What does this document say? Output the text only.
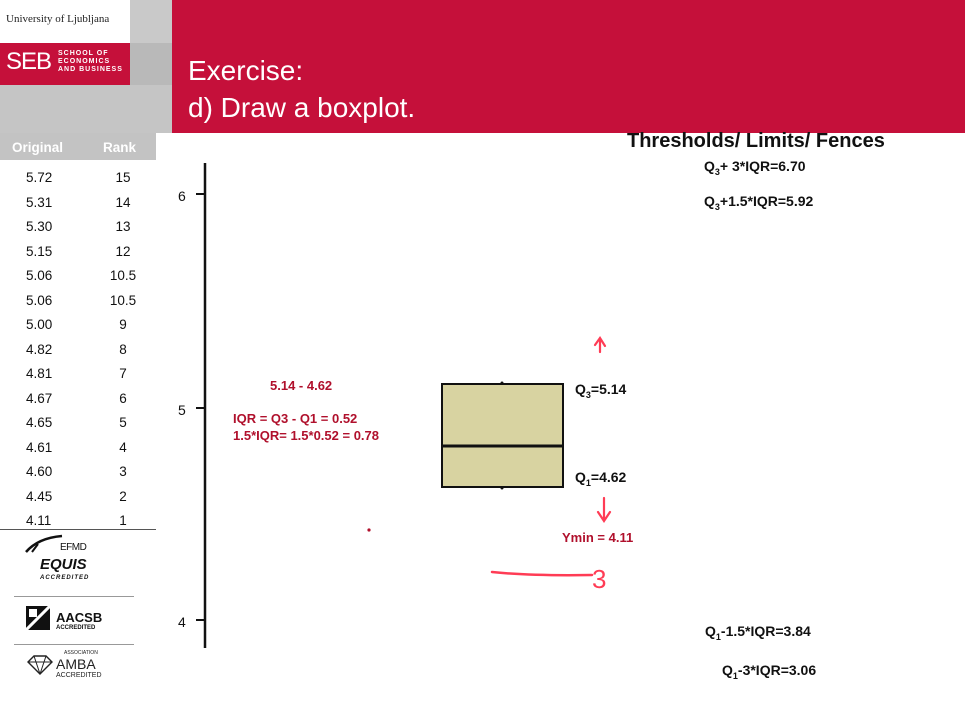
University of Ljubljana
SEB SCHOOL OF
ECONOMICS
AND BUSINESS Exercise:
d) Draw a boxplot.
Original	Rank
5.72	15
5.31	14
5.30	13
5.15	12
5.06	10.5
5.06	10.5
5.00	9
4.82	8
4.81	7
4.67	6
4.65	5
4.61	4
4.60	3
4.45	2
4.11	1
EFMD
EQUIS
ACCREDITED
AACSB
ACCREDITED
ASSOCIATION
AMBA
ACCREDITED
6
5
4
3
$Q_3=5.14$
$Q_1=4.62$
Ymin = 4.11
5.14 - 4.62
IQR = Q3 - Q1 = 0.52
1.5*IQR= 1.5*0.52 = 0.78
Thresholds/ Limits/ Fences
$Q_3+ 3*IQR=6.70$
$Q_3+1.5*IQR=5.92$
$Q_1-1.5*IQR=3.84$
$Q_1-3*IQR=3.06$
